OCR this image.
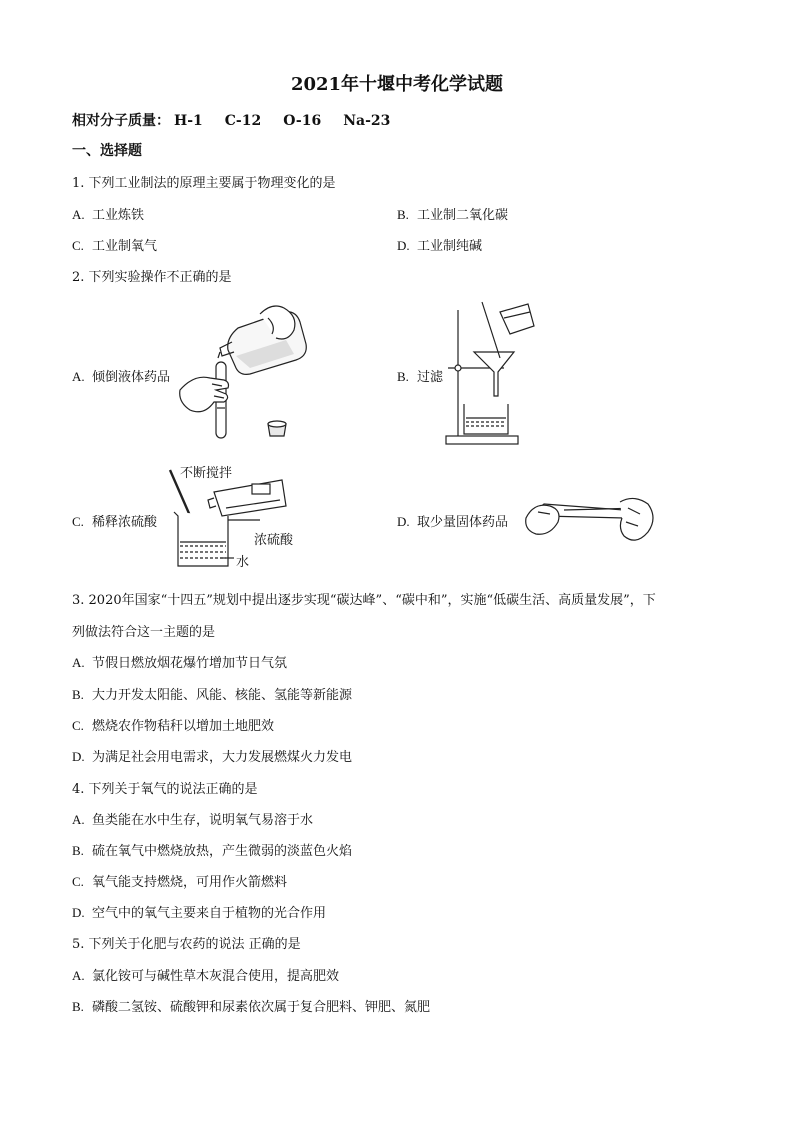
2021年十堰中考化学试题
相对分子质量： H-1 C-12 O-16 Na-23
一、选择题
1. 下列工业制法的原理主要属于物理变化的是
A. 工业炼铁	B. 工业制二氧化碳
C. 工业制氧气	D. 工业制纯碱
2. 下列实验操作不正确的是
A. 倾倒液体药品	B. 过滤
C. 稀释浓硫酸
不断搅拌
浓硫酸
水
D. 取少量固体药品
3. 2020年国家“十四五”规划中提出逐步实现“碳达峰”、“碳中和”，实施“低碳生活、高质量发展”，下
列做法符合这一主题的是
A. 节假日燃放烟花爆竹增加节日气氛
B. 大力开发太阳能、风能、核能、氢能等新能源
C. 燃烧农作物秸秆以增加土地肥效
D. 为满足社会用电需求，大力发展燃煤火力发电
4. 下列关于氧气的说法正确的是
A. 鱼类能在水中生存，说明氧气易溶于水
B. 硫在氧气中燃烧放热，产生微弱的淡蓝色火焰
C. 氧气能支持燃烧，可用作火箭燃料
D. 空气中的氧气主要来自于植物的光合作用
5. 下列关于化肥与农药的说法 正确的是
A. 氯化铵可与碱性草木灰混合使用，提高肥效
B. 磷酸二氢铵、硫酸钾和尿素依次属于复合肥料、钾肥、氮肥
